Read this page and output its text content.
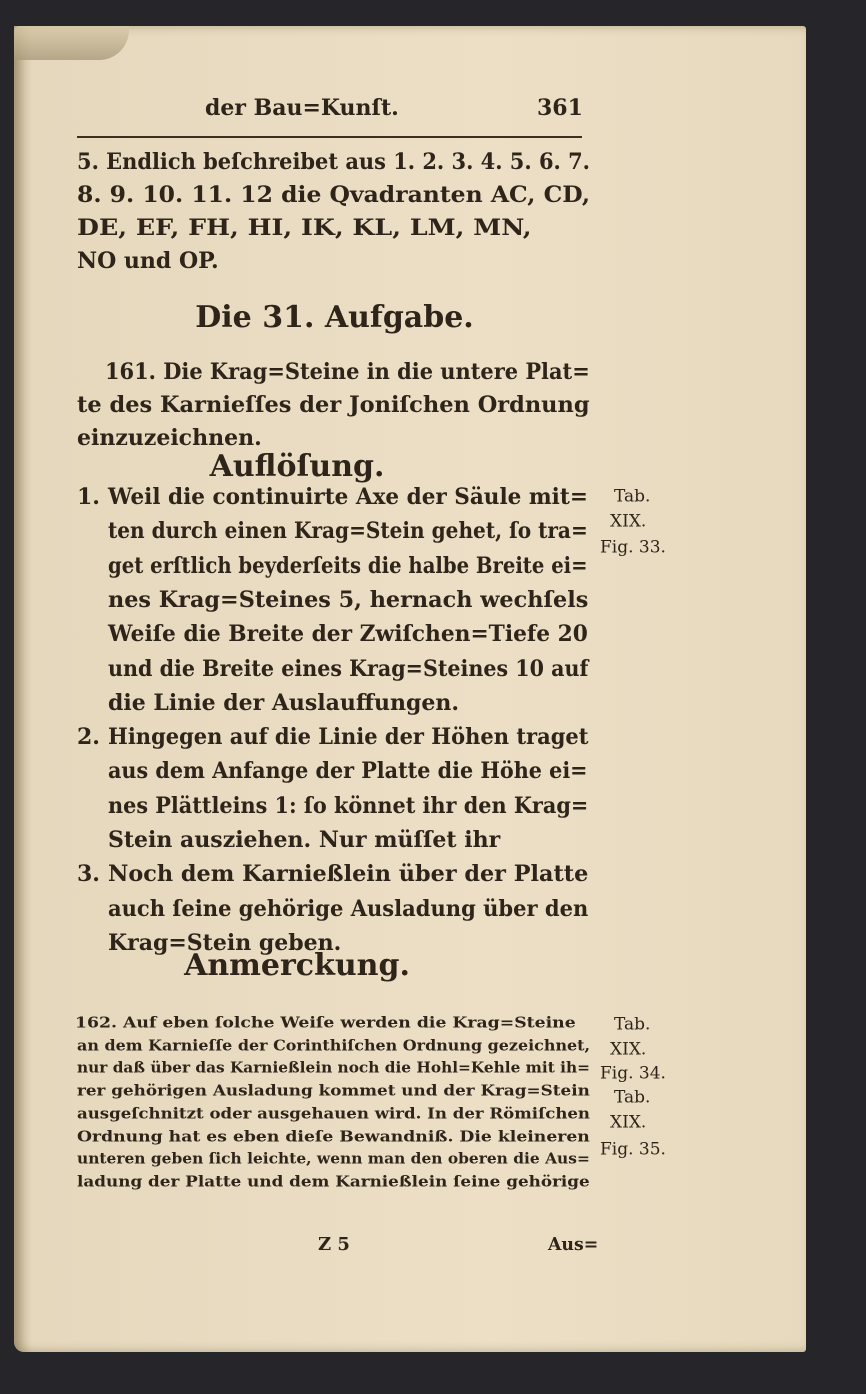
der Bau=Kunſt.	361
Die 31. Aufgabe.
Auflöſung.
Anmerckung.
Z 5	Aus=
5. Endlich beſchreibet aus 1. 2. 3. 4. 5. 6. 7.
8. 9. 10. 11. 12 die Qvadranten AC, CD,
DE, EF, FH, HI, IK, KL, LM, MN,
NO und OP.
161. Die Krag=Steine in die untere Plat=
te des Karnieſſes der Joniſchen Ordnung
einzuzeichnen.
1. Weil die continuirte Axe der Säule mit=
ten durch einen Krag=Stein gehet, ſo tra=
get erſtlich beyderſeits die halbe Breite ei=
nes Krag=Steines 5, hernach wechſels
Weiſe die Breite der Zwiſchen=Tiefe 20
und die Breite eines Krag=Steines 10 auf
die Linie der Auslauffungen.
2. Hingegen auf die Linie der Höhen traget
aus dem Anfange der Platte die Höhe ei=
nes Plättleins 1: ſo könnet ihr den Krag=
Stein ausziehen. Nur müſſet ihr
3. Noch dem Karnießlein über der Platte
auch ſeine gehörige Ausladung über den
Krag=Stein geben.
162. Auf eben ſolche Weiſe werden die Krag=Steine
an dem Karnieſſe der Corinthiſchen Ordnung gezeichnet,
nur daß über das Karnießlein noch die Hohl=Kehle mit ih=
rer gehörigen Ausladung kommet und der Krag=Stein
ausgeſchnitzt oder ausgehauen wird. In der Römiſchen
Ordnung hat es eben dieſe Bewandniß. Die kleineren
unteren geben ſich leichte, wenn man den oberen die Aus=
ladung der Platte und dem Karnießlein ſeine gehörige
Tab.
XIX.
Fig. 33.
Tab.
XIX.
Fig. 34.
Tab.
XIX.
Fig. 35.
